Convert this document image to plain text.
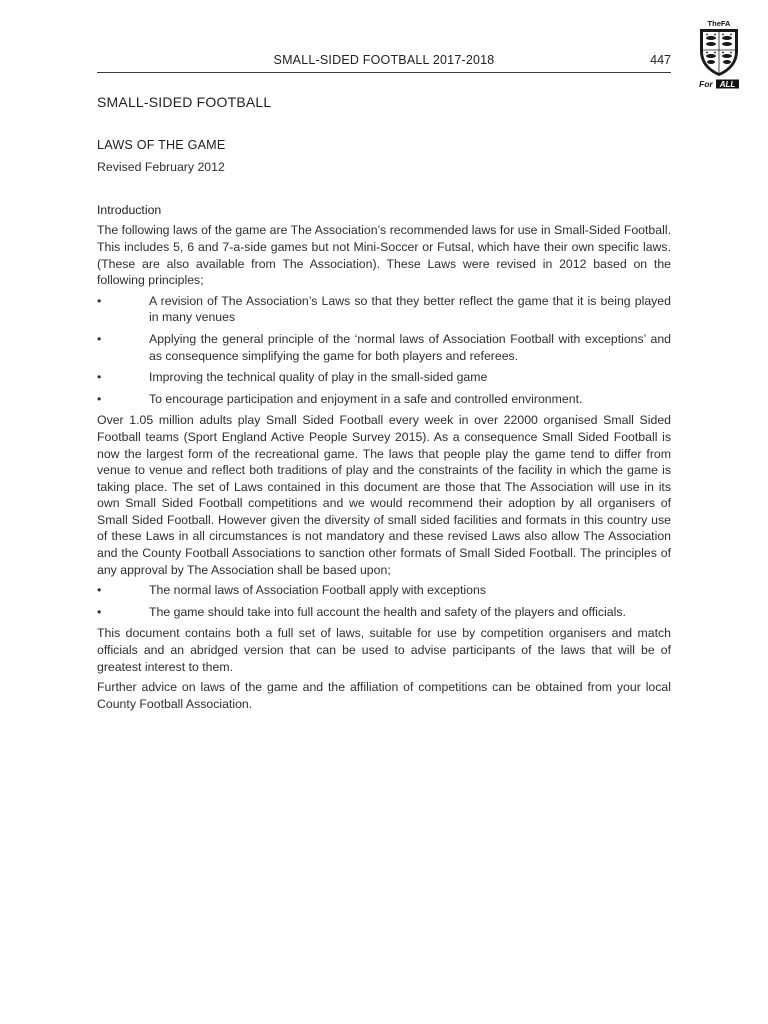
SMALL-SIDED FOOTBALL 2017-2018	447
TheFA
For ALL
SMALL-SIDED FOOTBALL
LAWS OF THE GAME
Revised February 2012
Introduction

The following laws of the game are The Association’s recommended laws for use in Small-Sided Football. This includes 5, 6 and 7-a-side games but not Mini-Soccer or Futsal, which have their own specific laws. (These are also available from The Association). These Laws were revised in 2012 based on the following principles;

•	A revision of The Association’s Laws so that they better reflect the game that it is being played in many venues
•	Applying the general principle of the ‘normal laws of Association Football with exceptions’ and as consequence simplifying the game for both players and referees.
•	Improving the technical quality of play in the small-sided game
•	To encourage participation and enjoyment in a safe and controlled environment.

Over 1.05 million adults play Small Sided Football every week in over 22000 organised Small Sided Football teams (Sport England Active People Survey 2015). As a consequence Small Sided Football is now the largest form of the recreational game. The laws that people play the game tend to differ from venue to venue and reflect both traditions of play and the constraints of the facility in which the game is taking place. The set of Laws contained in this document are those that The Association will use in its own Small Sided Football competitions and we would recommend their adoption by all organisers of Small Sided Football. However given the diversity of small sided facilities and formats in this country use of these Laws in all circumstances is not mandatory and these revised Laws also allow The Association and the County Football Associations to sanction other formats of Small Sided Football. The principles of any approval by The Association shall be based upon;

•	The normal laws of Association Football apply with exceptions
•	The game should take into full account the health and safety of the players and officials.

This document contains both a full set of laws, suitable for use by competition organisers and match officials and an abridged version that can be used to advise participants of the laws that will be of greatest interest to them.

Further advice on laws of the game and the affiliation of competitions can be obtained from your local County Football Association.
